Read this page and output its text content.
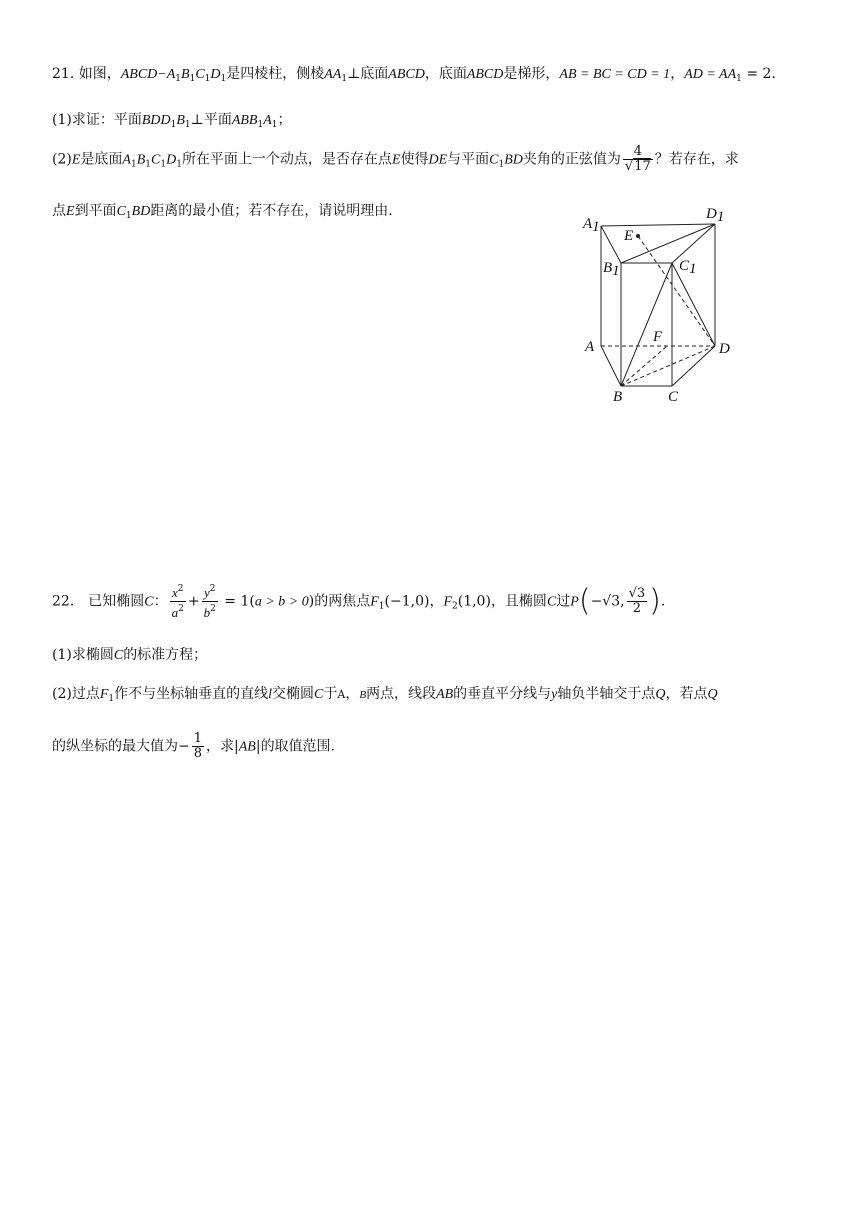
21. 如图，$ABCD-A_1B_1C_1D_1$是四棱柱，侧棱$AA_1\perp$底面ABCD，底面ABCD是梯形，AB = BC = CD = 1，AD = $AA_1 = 2$．
(1)求证：平面$BDD_1B_1\perp$平面$ABB_1A_1$；
(2)E是底面$A_1B_1C_1D_1$所在平面上一个动点，是否存在点E使得DE与平面$C_1BD$夹角的正弦值为 $\frac{4}{√17}$ ？若存在，求
点E到平面$C_1BD$距离的最小值；若不存在，请说明理由.
A1
D1
E
B1	C1
F
A	D
B	C
22． 已知椭圆C： $\frac{x^2}{a^2} + \frac{y^2}{b^2} = 1(a > b > 0)$的两焦点$F_1(-1,0)$，$F_2(1,0)$，且椭圆C过P(−√3, $\frac{√3}{2}$ ).
(1)求椭圆C的标准方程；
(2)过点$F_1$作不与坐标轴垂直的直线l交椭圆C于A，B两点，线段AB的垂直平分线与y轴负半轴交于点Q，若点Q
的纵坐标的最大值为− $\frac{1}{8}$ ，求|AB|的取值范围.
